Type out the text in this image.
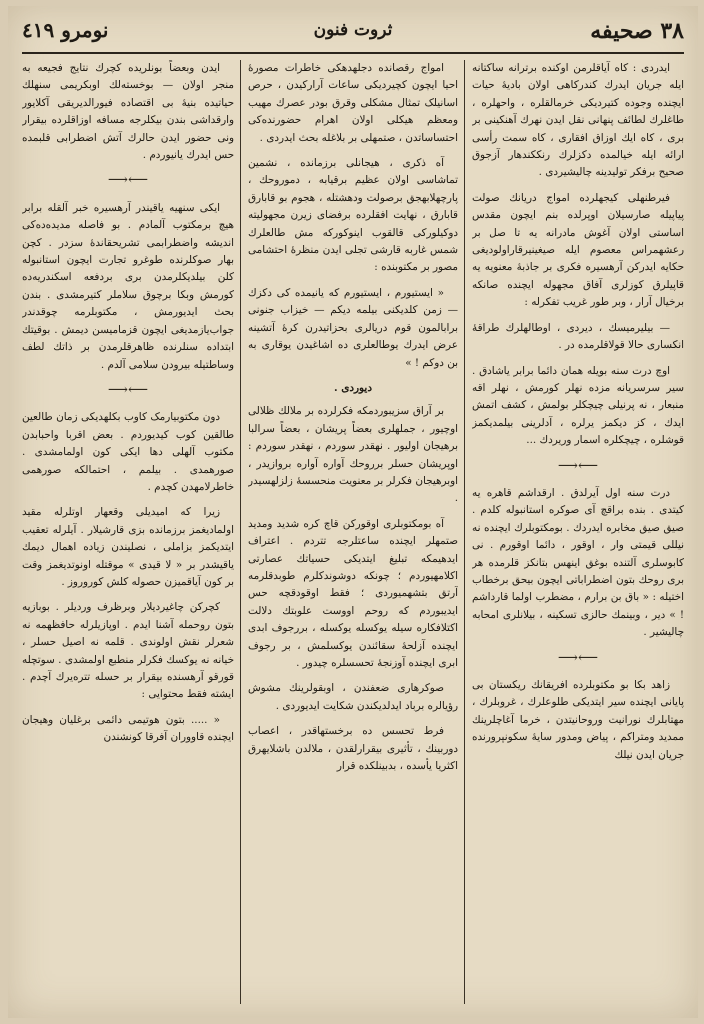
۳۸ صحیفه
ثروت فنون
نومرو ٤١٩

ایدردی : کاه آیاقلرمن اوکنده برترانه ساکتانه ایله جریان ایدرك كندركاهی اولان بادیهٔ حیات ایچنده وجوده کتیردیکی خرمالقلره ، واحهلره ، طاغلرك لطائف پنهانی نقل ایدن نهرك آهنکینی بر بری ، کاه ایك اوزاق افقاری ، کاه سمت رأسی ارائه ایله خیالمده دکزلرك رنککندهار آزجوق صحیح برفکر تولیدینه چالیشیردی .

فیرطنهلی کیجهلرده امواج دریانك صولت پیاپیله صارسیلان اوپرلده بنم ایچون مقدس اساستی اولان آغوش مادرانه یه تا صل بر رعشهمراس معصوم ایله صیغینیرقاراولودیغی حکایه ایدرکن آرهسیره فکری بر جاذبهٔ معنویه یه قاپیلرق کوزلری آفاق مجهوله ایچنده صانکه برخیال آرار ، وبر طور غریب تفکرله :

— بیلیرمیسك ، دیردی ، اوطالهلرك طراقهٔ انکساری حالا قولاقلرمده در .

اوچ درت سنه بویله همان دائما برابر یاشادق . سیر سرسریانه مزده نهلر کورمش ، نهلر اقه منبعار ، نه پرنیلی چیچکلر بولمش ، کشف اتمش ایدك ، کز دیکمز یرلره ، آدلرینی بیلمدیکمز قوشلره ، چیچکلره اسمار وریردك ...

⟵⟶

درت سنه اول آیرلدق . ارقداشم قاهره یه کیتدی . بنده براقچ آی صوکره استانبوله کلدم . صیق صیق مخابره ایدردك . بومکتوبلرك ایچنده نه نیللی قیمتی وار ، اوقور ، دائما اوقورم . نی کابوسلری آلتنده بوغق اینهس بتانکز قلرمده هر بری روحك بتون اضطراباتی ایچون بیحق برخطاب اختیله : « باق بن برارم ، مضطرب اولما قارداشم ! » دیر ، وبینمك حالزی تسکینه ، بیلانلری امحابه چالیشیر .

⟵⟶

زاهد بکا بو مکتوبلرده افریقانك ریکستان بی پایانی ایچنده سیر ایتدیکی طلوعلرك ، غروبلرك ، مهتابلرك نورانیت وروحانیتدن ، خرما آغاچلرینك ممدید ومتراكم ، پیاض ومدور سایهٔ سکونپرورنده جریان ایدن نیلك

امواج رقصانده دجلهدهکی خاطرات مصورهٔ احیا ایچون کچیردیکی ساعات آرارکیدن ، حرص اسانیلک تمثال مشکلی وقرق بودر عصرك مهیب ومعظم هیکلی اولان اهرام حضورنده‌کی احتساساتدن ، صتمهلی بر بلاغله بحث ایدردی .

آه ذکری ، هیجانلی برزمانده ، نشمین تماشاسی اولان عظیم برقیابه ، دموروحك ، پارچهلابهجق برصولت ودهشتله ، هجوم بو قابارق قابارق ، نهایت افقلرده برفضای زیرن مجهولیته دوکیلورکی قالقوب اینوکورکه مش طالعلرك شمس غاربه قارشی تجلی ایدن منظرهٔ احتشامی مصور بر مکتوبنده :

« ایستیورم ، ایستیورم که یانیمده کی دکزك — زمن کلدیکنی بیلمه دیکم — خیزاب جنونی برابالمون قوم دریالری بحزاتیدرن کرهٔ آتشینه عرض ایدرك یوطالعلری ده اشاغیدن یوقاری به بن دوکم ! »

دیوردی .

بر آراق سزیبوردمکه فکرلرده بر ملالك ظلالی اوچیور ، جملهلری بعضاً پریشان ، بعضاً سرالبا برهیجان اولیور . نهقدر سوردم ، نهقدر سوردم : اوپریشان حسلر برروحك آواره آواره بروازیدر ، اوبرهیجان فکرلر بر معنویت منحسسهٔ زلزلهسیدر .

آه بومکتوبلری اوقورکن قاچ کره شدید ومدید صتمهلر ایچنده ساعتلرجه تتردم . اعتراف ایدهیمکه تبلیغ ایتدیکی حسیاتك عصارتی اکلامهیوردم ؛ چونکه دوشوندکلرم طوبدقلرمه آرتق بتشهمیوردی ؛ فقط اوقودقچه حس ایدیبوردم که روحم اووست علوبتك دلالت اکتلافکاره سیله یوکسله یوکسله ، بررجوف ابدی ایچنده آزلحهٔ سقائندن یوکسلمش ، بر رجوف ابری ایچنده آوزنجهٔ تحسسلره چیدور .

صوکرهاری ضعفندن ، اوبقولرینك مشوش رؤیالره برباد ایدلدیکندن شکایت ایدیوردی .

فرط تحسس ده برخستهاقدر ، اعصاب دوربینك ، تأثیری بیقرارلقدن ، ملالدن باشلایهرق اکثریا یأسده ، بدبینلکده قرار

ایدن وبعضاً بونلریده کچرك نتایج فجیعه به منجر اولان — بوخسته‌لك اوبکریمی سنهلك حیاتیده بنیهٔ بی اقتصاده فیورالدیریقی آکلایور وارقداشی بندن بیکلرجه مسافه اوزاقلرده بیقرار ونی حضور ایدن حالرك آتش اضطرابی قلبمده حس ایدرك یانیوردم .

⟵⟶

ایکی سنهیه یاقیندر آرهسیره خبر آلقله برابر هیچ برمکتوب آلمادم . بو فاصله مدیده‌ده‌کی اندیشه واضطرابمی تشریحقاندهٔ سزدر . کچن بهار صوکلرنده طوغرو تجارت ایچون استانبوله کلن بیلدیکلرمدن بری بردفعه اسکندریه‌ده کورمش وبکا برچوق سلاملر کتیرمشدی . بندن بحث ایدیورمش ، مکتوبلرمه چوقدندر جواب‌یازمدیغی ایچون قزمامیسن دیمش . بوقیتك ابتداده سنلرنده ظاهرقلرمدن بر ذاتك لطف وساطتیله بیرودن سلامی آلدم .

⟵⟶

دون مکتوبیارمک کاوب بکلهدیکی زمان طالعین طالقین کوب کیدیوردم . بعض اقربا واحبابدن مکتوب آلهلی دها ایکی کون اولمامشدی . صورهمدی . بیلمم ، احتمالکه صورهمی خاطرلامهدن کچدم .

زیرا که امیدیلی وقعهار اوتلرله مقید اولمادیغمز برزمانده بزی قارشیلار . آیلرله تعقیب ایتدیکمز بزاملی ، نصلیندن زیاده اهمال دیمك یاقیشدر بر « لا قیدی » موقتله اونوتدیغمز وقت بر کون آیاقمیزن حصوله کلش کوروروز .

کچرکن چاغیردیلار وبرظرف وردیلر . بوبازیه بتون روحمله آشنا ایدم . اوپازیلرله حافظهمه نه شعرلر نقش اولوندی . قلمه نه اصیل حسلر ، خیانه نه یوکسك فکرلر منطبع اولمشدی . سوتچله قورقو آرهسنده بیقرار بر حسله تتره‌یرك آچدم . ایشته فقط محتوایی :

« ..... بتون هوتیمی دائمی برغلیان وهیجان ایچنده قاووران آفرقا کونشندن
